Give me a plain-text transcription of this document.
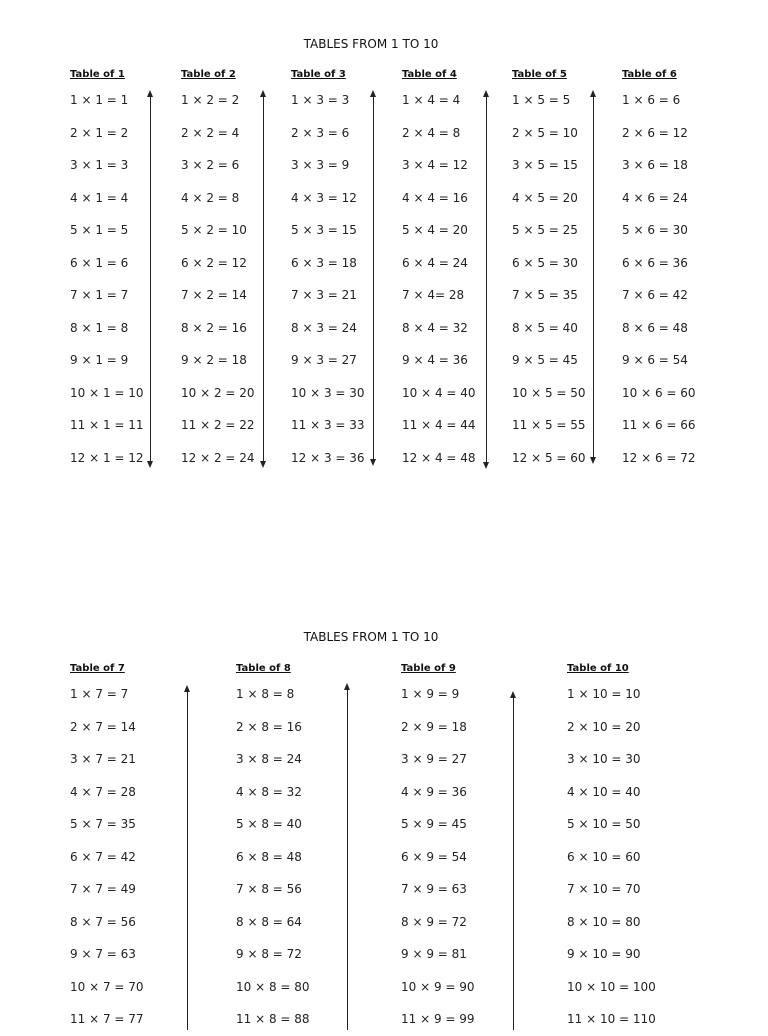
TABLES FROM 1 TO 10
Table of 1
1 × 1 = 1
2 × 1 = 2
3 × 1 = 3
4 × 1 = 4
5 × 1 = 5
6 × 1 = 6
7 × 1 = 7
8 × 1 = 8
9 × 1 = 9
10 × 1 = 10
11 × 1 = 11
12 × 1 = 12
Table of 2
1 × 2 = 2
2 × 2 = 4
3 × 2 = 6
4 × 2 = 8
5 × 2 = 10
6 × 2 = 12
7 × 2 = 14
8 × 2 = 16
9 × 2 = 18
10 × 2 = 20
11 × 2 = 22
12 × 2 = 24
Table of 3
1 × 3 = 3
2 × 3 = 6
3 × 3 = 9
4 × 3 = 12
5 × 3 = 15
6 × 3 = 18
7 × 3 = 21
8 × 3 = 24
9 × 3 = 27
10 × 3 = 30
11 × 3 = 33
12 × 3 = 36
Table of 4
1 × 4 = 4
2 × 4 = 8
3 × 4 = 12
4 × 4 = 16
5 × 4 = 20
6 × 4 = 24
7 × 4= 28
8 × 4 = 32
9 × 4 = 36
10 × 4 = 40
11 × 4 = 44
12 × 4 = 48
Table of 5
1 × 5 = 5
2 × 5 = 10
3 × 5 = 15
4 × 5 = 20
5 × 5 = 25
6 × 5 = 30
7 × 5 = 35
8 × 5 = 40
9 × 5 = 45
10 × 5 = 50
11 × 5 = 55
12 × 5 = 60
Table of 6
1 × 6 = 6
2 × 6 = 12
3 × 6 = 18
4 × 6 = 24
5 × 6 = 30
6 × 6 = 36
7 × 6 = 42
8 × 6 = 48
9 × 6 = 54
10 × 6 = 60
11 × 6 = 66
12 × 6 = 72
TABLES FROM 1 TO 10
Table of 7
1 × 7 = 7
2 × 7 = 14
3 × 7 = 21
4 × 7 = 28
5 × 7 = 35
6 × 7 = 42
7 × 7 = 49
8 × 7 = 56
9 × 7 = 63
10 × 7 = 70
11 × 7 = 77
Table of 8
1 × 8 = 8
2 × 8 = 16
3 × 8 = 24
4 × 8 = 32
5 × 8 = 40
6 × 8 = 48
7 × 8 = 56
8 × 8 = 64
9 × 8 = 72
10 × 8 = 80
11 × 8 = 88
Table of 9
1 × 9 = 9
2 × 9 = 18
3 × 9 = 27
4 × 9 = 36
5 × 9 = 45
6 × 9 = 54
7 × 9 = 63
8 × 9 = 72
9 × 9 = 81
10 × 9 = 90
11 × 9 = 99
Table of 10
1 × 10 = 10
2 × 10 = 20
3 × 10 = 30
4 × 10 = 40
5 × 10 = 50
6 × 10 = 60
7 × 10 = 70
8 × 10 = 80
9 × 10 = 90
10 × 10 = 100
11 × 10 = 110
